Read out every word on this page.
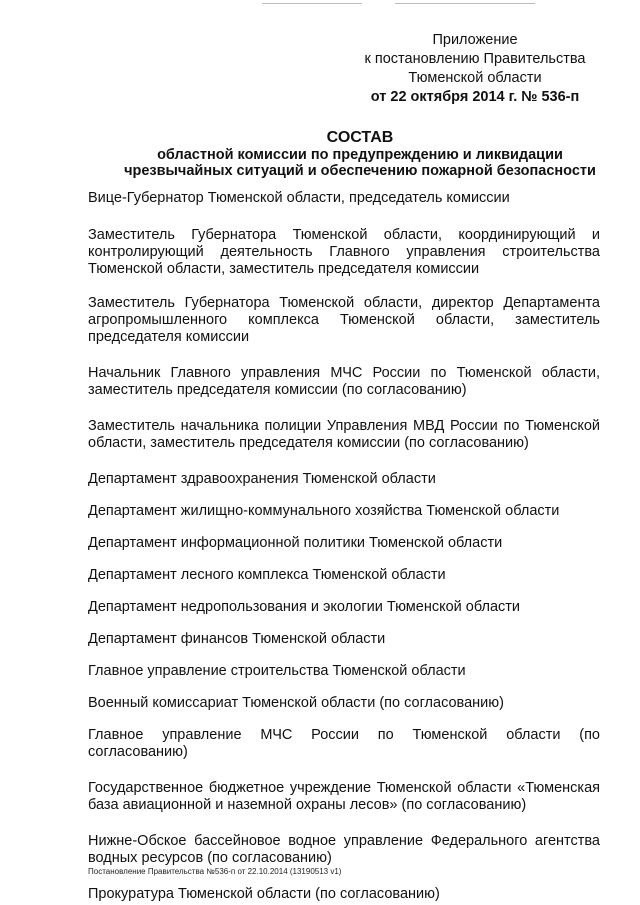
Приложение
к постановлению Правительства
Тюменской области
от 22 октября 2014 г. № 536-п
СОСТАВ
областной комиссии по предупреждению и ликвидации
чрезвычайных ситуаций и обеспечению пожарной безопасности
Вице-Губернатор Тюменской области, председатель комиссии
Заместитель Губернатора Тюменской области, координирующий и контролирующий деятельность Главного управления строительства Тюменской области, заместитель председателя комиссии
Заместитель Губернатора Тюменской области, директор Департамента агропромышленного комплекса Тюменской области, заместитель председателя комиссии
Начальник Главного управления МЧС России по Тюменской области, заместитель председателя комиссии (по согласованию)
Заместитель начальника полиции Управления МВД России по Тюменской области, заместитель председателя комиссии (по согласованию)
Департамент здравоохранения Тюменской области
Департамент жилищно-коммунального хозяйства Тюменской области
Департамент информационной политики Тюменской области
Департамент лесного комплекса Тюменской области
Департамент недропользования и экологии Тюменской области
Департамент финансов Тюменской области
Главное управление строительства Тюменской области
Военный комиссариат Тюменской области (по согласованию)
Главное управление МЧС России по Тюменской области (по согласованию)
Государственное бюджетное учреждение Тюменской области «Тюменская база авиационной и наземной охраны лесов» (по согласованию)
Нижне-Обское бассейновое водное управление Федерального агентства водных ресурсов (по согласованию)
Прокуратура Тюменской области (по согласованию)
Постановление Правительства №536-п от 22.10.2014 (13190513 v1)
